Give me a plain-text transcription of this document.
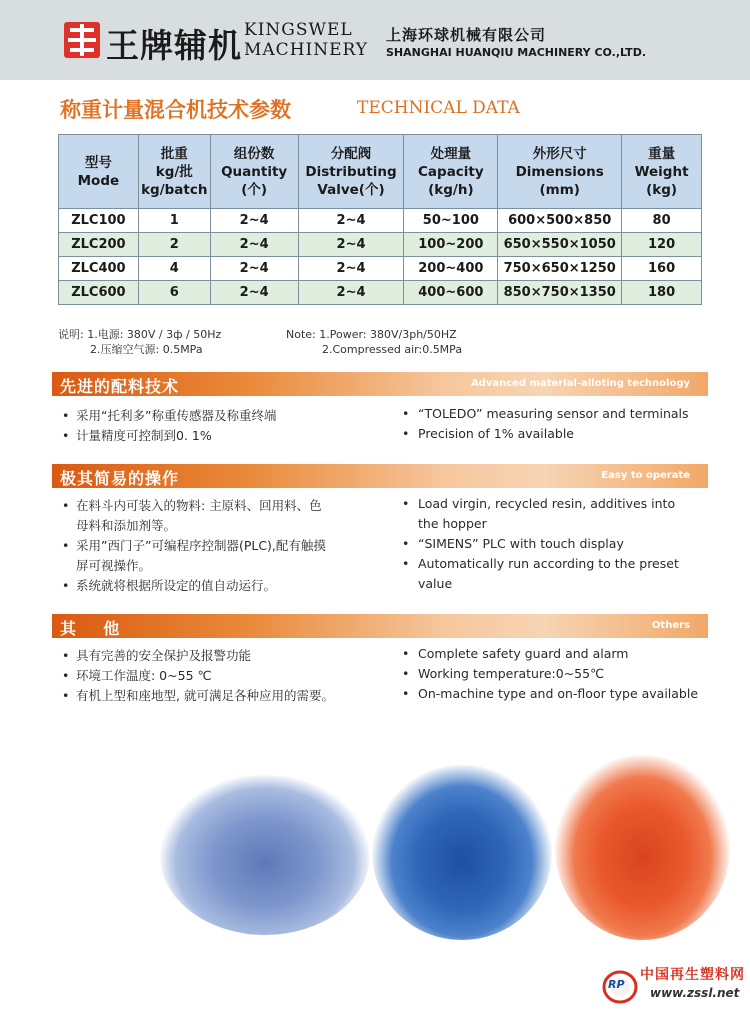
王牌辅机 KINGSWEL
MACHINERY
上海环球机械有限公司
SHANGHAI HUANQIU MACHINERY CO.,LTD.
称重计量混合机技术参数	TECHNICAL DATA
型号
Mode	批重
kg/批
kg/batch	组份数
Quantity
(个)	分配阀
Distributing
Valve(个)	处理量
Capacity
(kg/h)	外形尺寸
Dimensions
(mm)	重量
Weight
(kg)

ZLC100	1	2~4	2~4	50~100	600×500×850	80
ZLC200	2	2~4	2~4	100~200	650×550×1050	120
ZLC400	4	2~4	2~4	200~400	750×650×1250	160
ZLC600	6	2~4	2~4	400~600	850×750×1350	180
说明: 1.电源: 380V / 3ф / 50Hz
2.压缩空气源: 0.5MPa
Note: 1.Power: 380V/3ph/50HZ
2.Compressed air:0.5MPa
先进的配料技术	Advanced material-alloting technology
• 采用“托利多”称重传感器及称重终端
• 计量精度可控制到0. 1%
• “TOLEDO” measuring sensor and terminals
• Precision of 1% available
极其简易的操作	Easy to operate
• 在料斗内可装入的物料: 主原料、回用料、色母料和添加剂等。
• 采用”西门子”可编程序控制器(PLC),配有触摸屏可视操作。
• 系统就将根据所设定的值自动运行。
• Load virgin, recycled resin, additives into the hopper
• “SIMENS” PLC with touch display
• Automatically run according to the preset value
其    他	Others
• 具有完善的安全保护及报警功能
• 环境工作温度: 0~55 ℃
• 有机上型和座地型, 就可满足各种应用的需要。
• Complete safety guard and alarm
• Working temperature:0~55℃
• On-machine type and on-floor type available
RP
中国再生塑料网
www.zssl.net
